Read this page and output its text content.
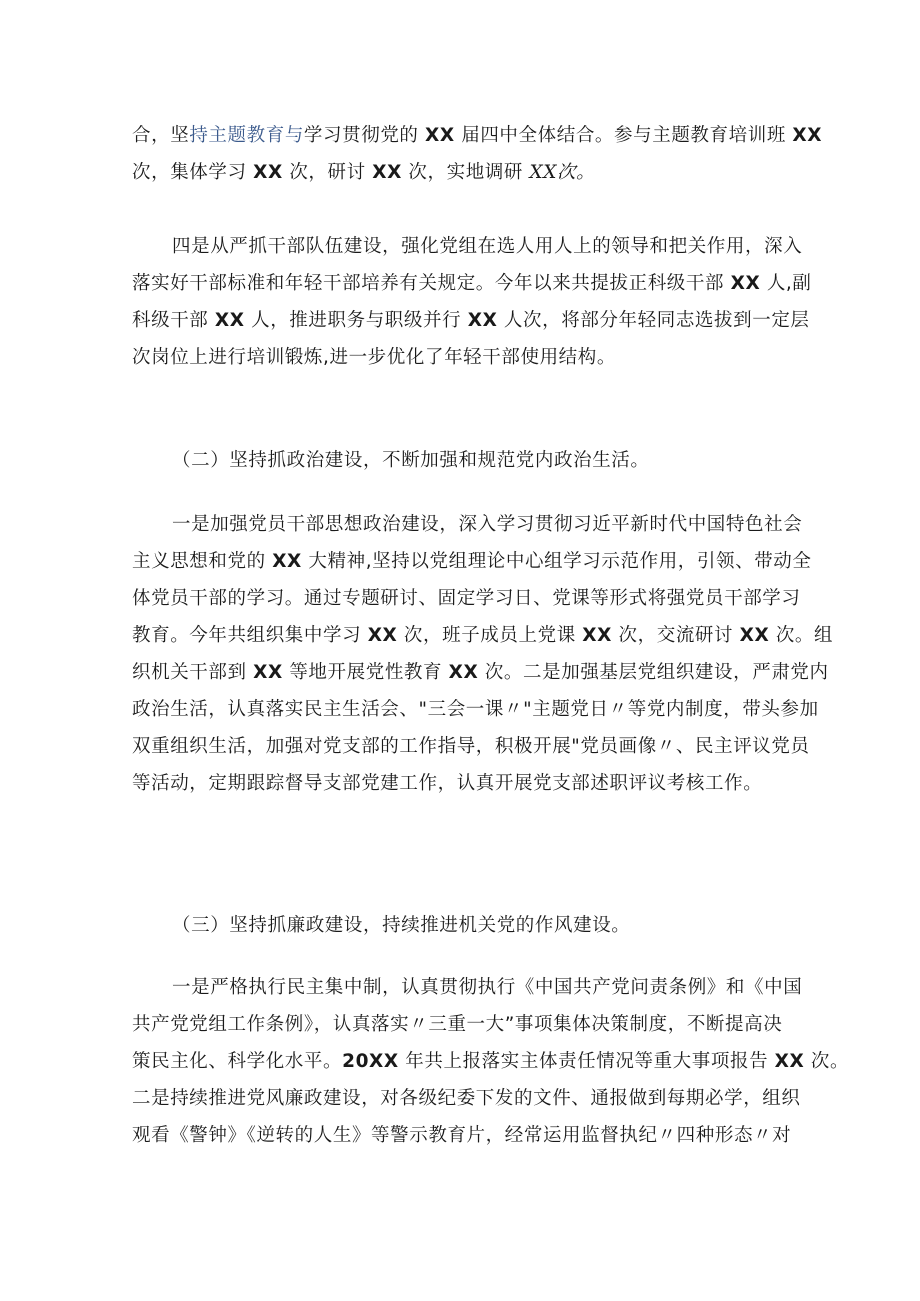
合，坚持主题教育与学习贯彻党的 XX 届四中全体结合。参与主题教育培训班 XX
次，集体学习 XX 次，研讨 XX 次，实地调研 XX次。
四是从严抓干部队伍建设，强化党组在选人用人上的领导和把关作用，深入
落实好干部标准和年轻干部培养有关规定。今年以来共提拔正科级干部 XX 人,副
科级干部 XX 人，推进职务与职级并行 XX 人次，将部分年轻同志选拔到一定层
次岗位上进行培训锻炼,进一步优化了年轻干部使用结构。
（二）坚持抓政治建设，不断加强和规范党内政治生活。
一是加强党员干部思想政治建设，深入学习贯彻习近平新时代中国特色社会
主义思想和党的 XX 大精神,坚持以党组理论中心组学习示范作用，引领、带动全
体党员干部的学习。通过专题研讨、固定学习日、党课等形式将强党员干部学习
教育。今年共组织集中学习 XX 次，班子成员上党课 XX 次，交流研讨 XX 次。组
织机关干部到 XX 等地开展党性教育 XX 次。二是加强基层党组织建设，严肃党内
政治生活，认真落实民主生活会、"三会一课〃"主题党日〃等党内制度，带头参加
双重组织生活，加强对党支部的工作指导，积极开展"党员画像〃、民主评议党员
等活动，定期跟踪督导支部党建工作，认真开展党支部述职评议考核工作。
（三）坚持抓廉政建设，持续推进机关党的作风建设。
一是严格执行民主集中制，认真贯彻执行《中国共产党问责条例》和《中国
共产党党组工作条例》，认真落实〃三重一大”事项集体决策制度，不断提高决
策民主化、科学化水平。20XX 年共上报落实主体责任情况等重大事项报告 XX 次。
二是持续推进党风廉政建设，对各级纪委下发的文件、通报做到每期必学，组织
观看《警钟》《逆转的人生》等警示教育片，经常运用监督执纪〃四种形态〃对
